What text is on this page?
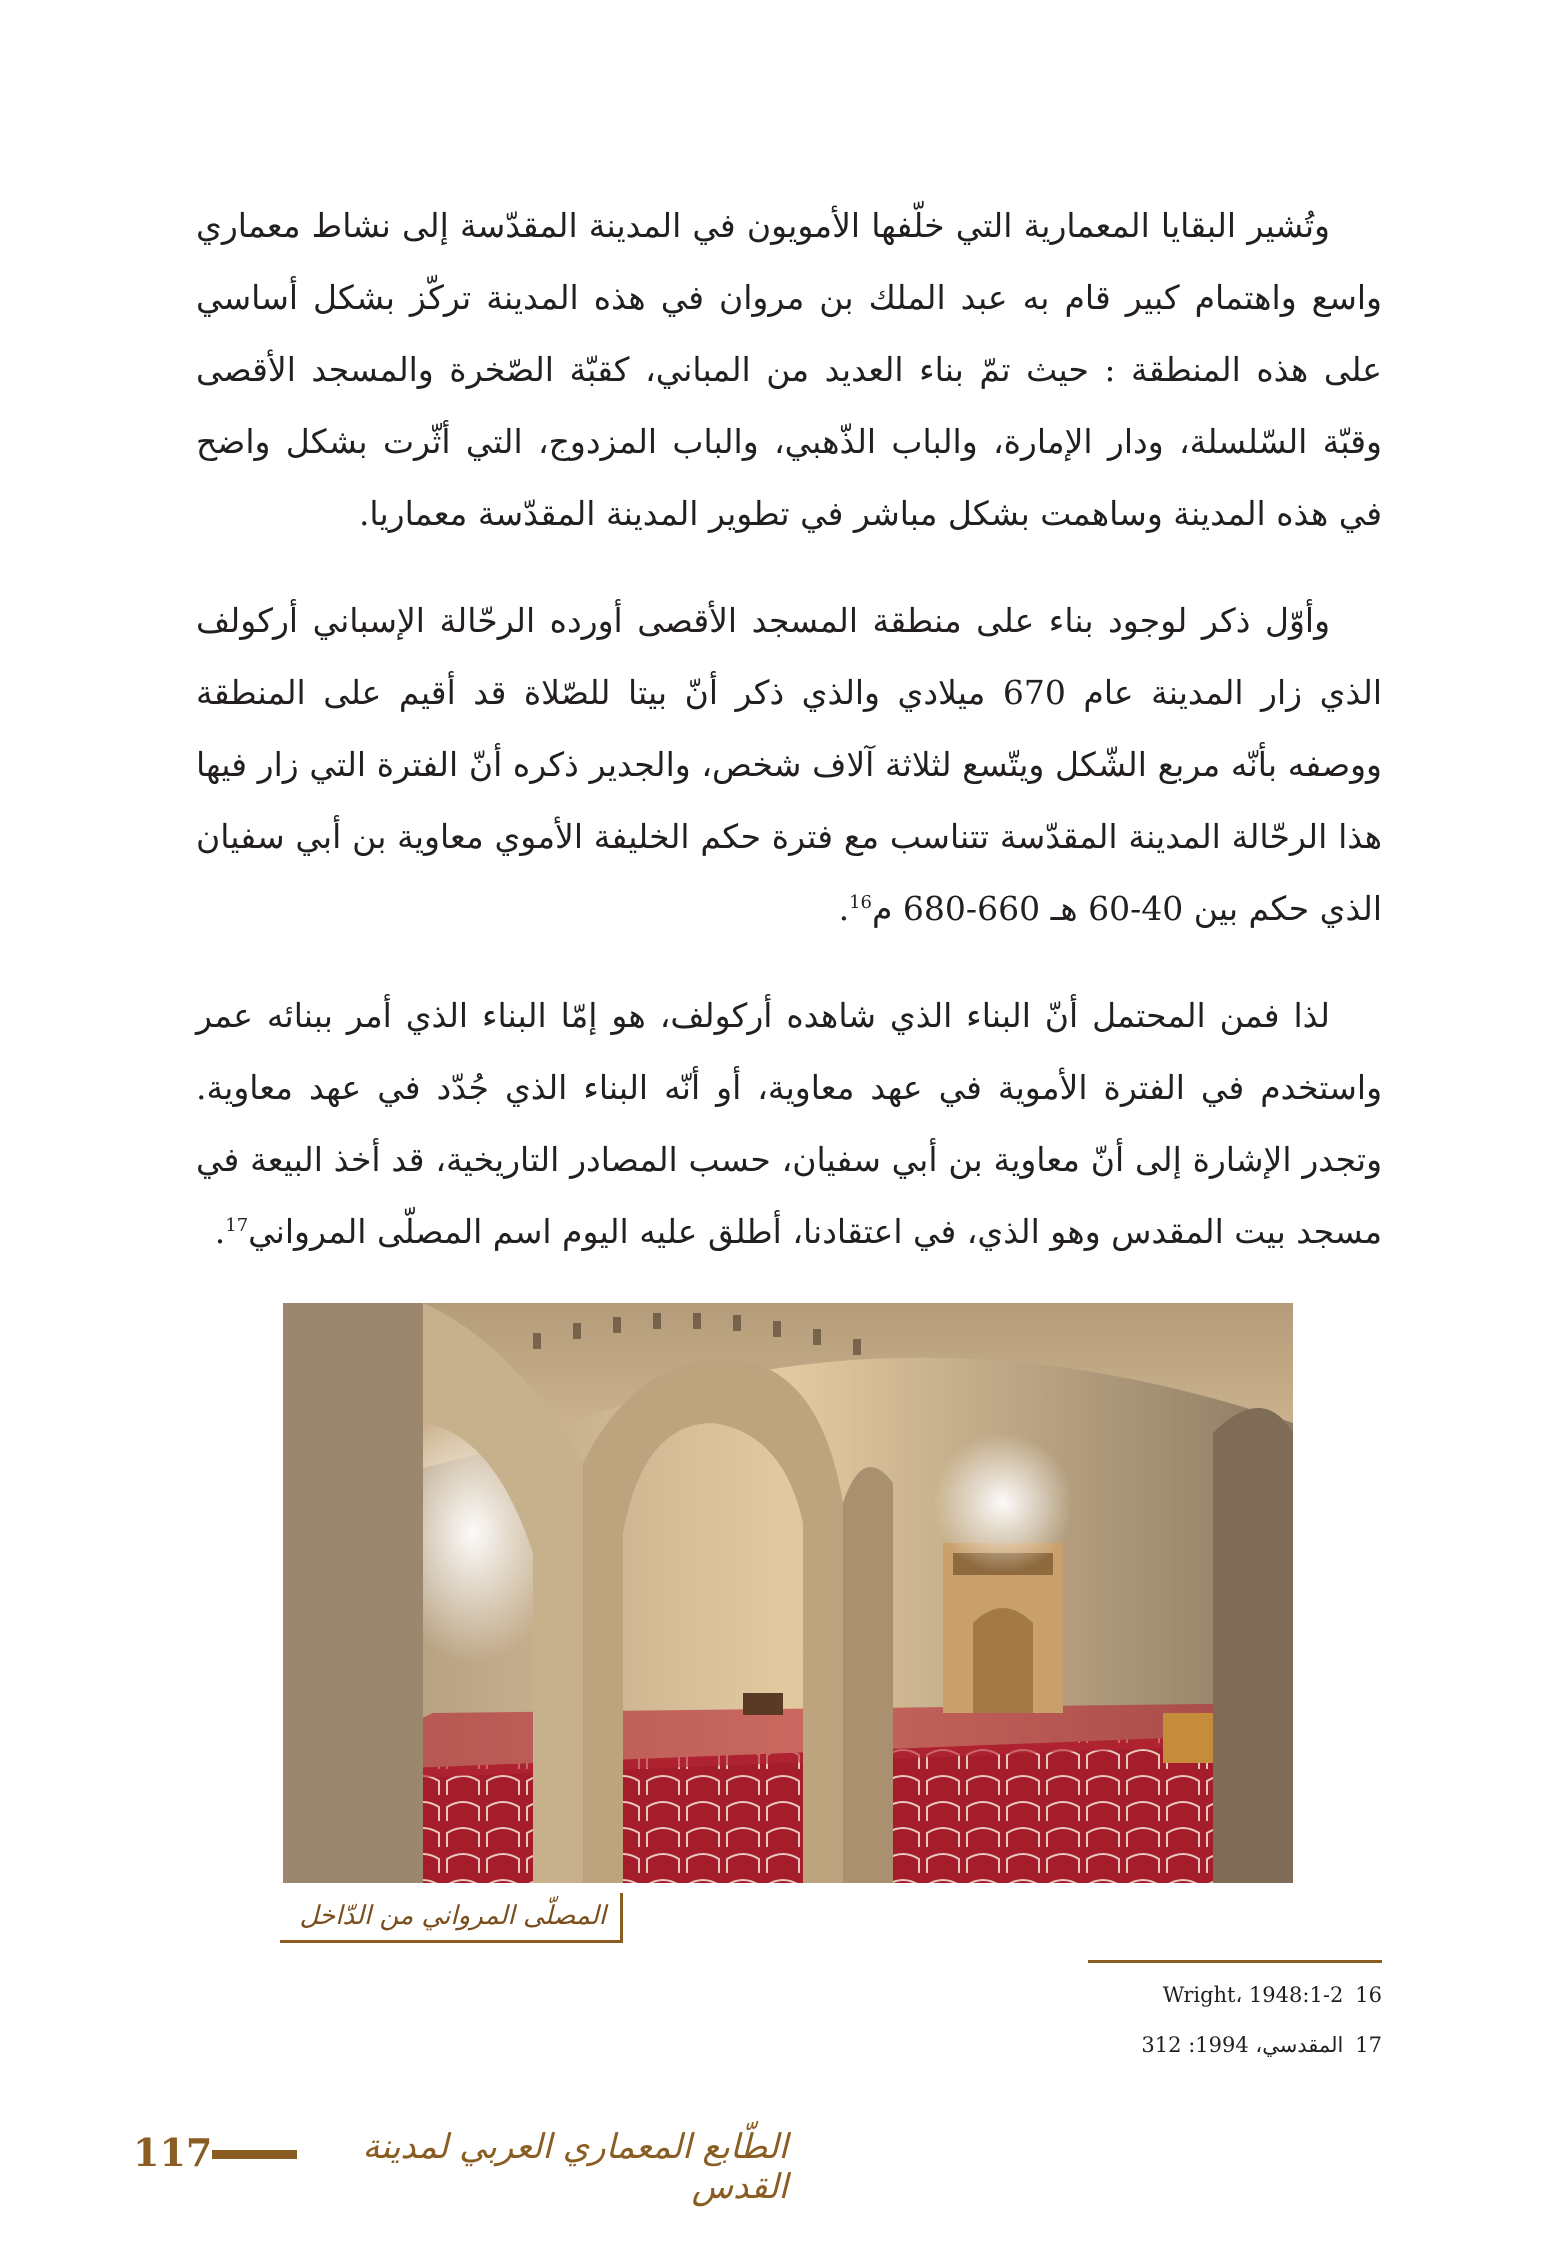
وتُشير البقايا المعمارية التي خلّفها الأمويون في المدينة المقدّسة إلى نشاط معماري واسع واهتمام كبير قام به عبد الملك بن مروان في هذه المدينة تركّز بشكل أساسي على هذه المنطقة : حيث تمّ بناء العديد من المباني، كقبّة الصّخرة والمسجد الأقصى وقبّة السّلسلة، ودار الإمارة، والباب الذّهبي، والباب المزدوج، التي أثّرت بشكل واضح في هذه المدينة وساهمت بشكل مباشر في تطوير المدينة المقدّسة معماريا.

وأوّل ذكر لوجود بناء على منطقة المسجد الأقصى أورده الرحّالة الإسباني أركولف الذي زار المدينة عام 670 ميلادي والذي ذكر أنّ بيتا للصّلاة قد أقيم على المنطقة ووصفه بأنّه مربع الشّكل ويتّسع لثلاثة آلاف شخص، والجدير ذكره أنّ الفترة التي زار فيها هذا الرحّالة المدينة المقدّسة تتناسب مع فترة حكم الخليفة الأموي معاوية بن أبي سفيان الذي حكم بين 40-60 هـ 660-680 م$^{16}$.

لذا فمن المحتمل أنّ البناء الذي شاهده أركولف، هو إمّا البناء الذي أمر ببنائه عمر واستخدم في الفترة الأموية في عهد معاوية، أو أنّه البناء الذي جُدّد في عهد معاوية. وتجدر الإشارة إلى أنّ معاوية بن أبي سفيان، حسب المصادر التاريخية، قد أخذ البيعة في مسجد بيت المقدس وهو الذي، في اعتقادنا، أطلق عليه اليوم اسم المصلّى المرواني$^{17}$.

المصلّى المرواني من الدّاخل
16 2-Wright، 1948:1
17 المقدسي، 1994: 312
117	الطّابع المعماري العربي لمدينة القدس
